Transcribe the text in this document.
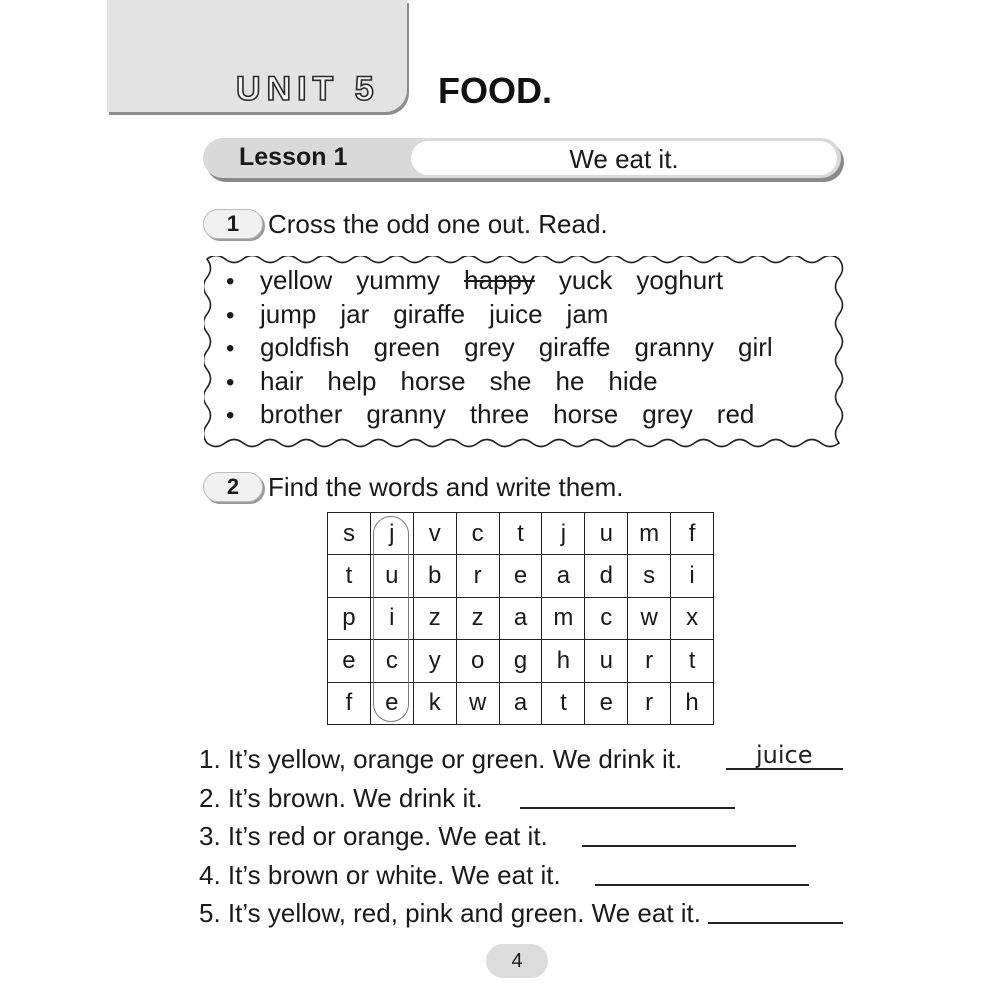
UNIT 5 FOOD.
Lesson 1	We eat it.
1	Cross the odd one out. Read.
• yellow yummy happy yuck yoghurt
• jump jar giraffe juice jam
• goldfish green grey giraffe granny girl
• hair help horse she he hide
• brother granny three horse grey red
2	Find the words and write them.
s	j	v	c	t	j	u	m	f
t	u	b	r	e	a	d	s	i
p	i	z	z	a	m	c	w	x
e	c	y	o	g	h	u	r	t
f	e	k	w	a	t	e	r	h
1. It’s yellow, orange or green. We drink it.	juice
2. It’s brown. We drink it.
3. It’s red or orange. We eat it.
4. It’s brown or white. We eat it.
5. It’s yellow, red, pink and green. We eat it.
4
